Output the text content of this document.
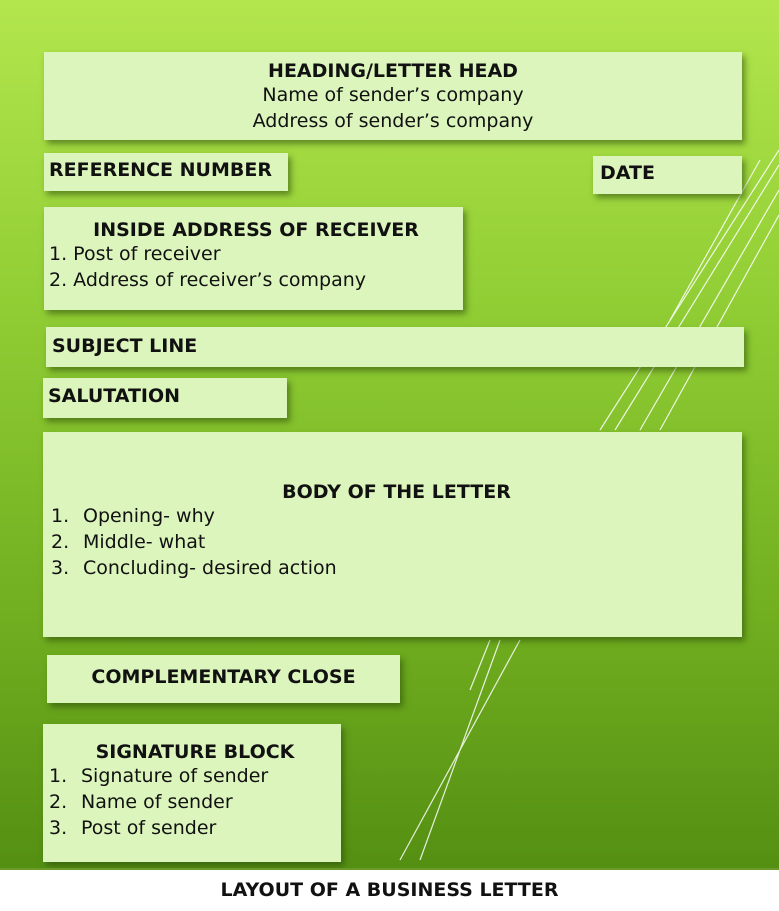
HEADING/LETTER HEAD
Name of sender’s company
Address of sender’s company
REFERENCE NUMBER	DATE
INSIDE ADDRESS OF RECEIVER
1. Post of receiver
2. Address of receiver’s company
SUBJECT LINE
SALUTATION
BODY OF THE LETTER
1. Opening- why
2. Middle- what
3. Concluding- desired action
COMPLEMENTARY CLOSE
SIGNATURE BLOCK
1. Signature of sender
2. Name of sender
3. Post of sender
LAYOUT OF A BUSINESS LETTER
